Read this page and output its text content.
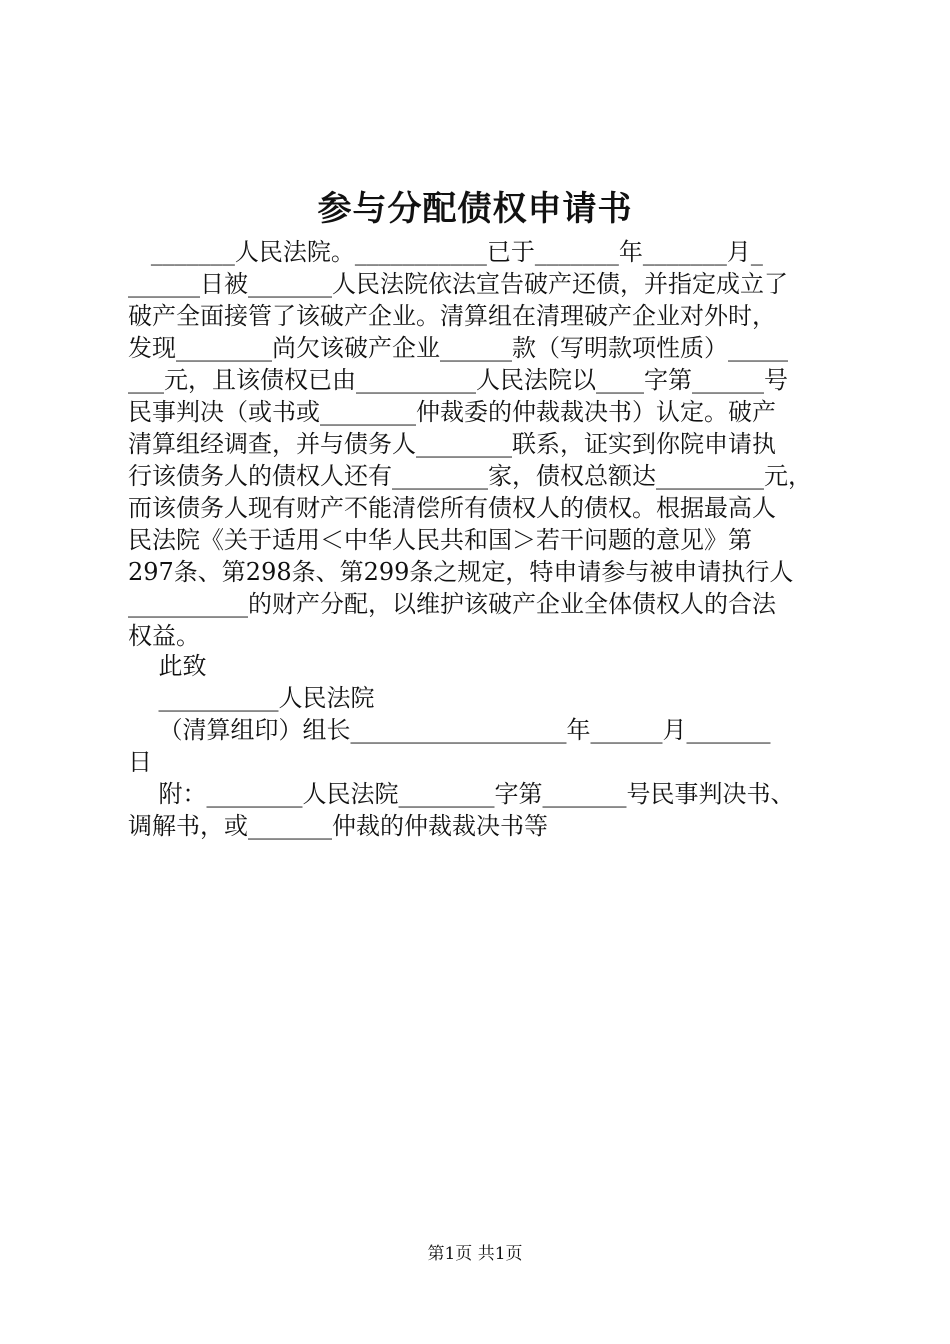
参与分配债权申请书

_______人民法院。___________已于_______年_______月_

______日被_______人民法院依法宣告破产还债，并指定成立了

破产全面接管了该破产企业。清算组在清理破产企业对外时，

发现________尚欠该破产企业______款（写明款项性质）_____

___元，且该债权已由__________人民法院以____字第______号

民事判决（或书或________仲裁委的仲裁裁决书）认定。破产

清算组经调查，并与债务人________联系，证实到你院申请执

行该债务人的债权人还有________家，债权总额达_________元，

而该债务人现有财产不能清偿所有债权人的债权。根据最高人

民法院《关于适用＜中华人民共和国＞若干问题的意见》第

297条、第298条、第299条之规定，特申请参与被申请执行人

__________的财产分配，以维护该破产企业全体债权人的合法

权益。

此致

__________人民法院

（清算组印）组长__________________年______月_______

日

附：________人民法院________字第_______号民事判决书、

调解书，或_______仲裁的仲裁裁决书等

第1页 共1页
